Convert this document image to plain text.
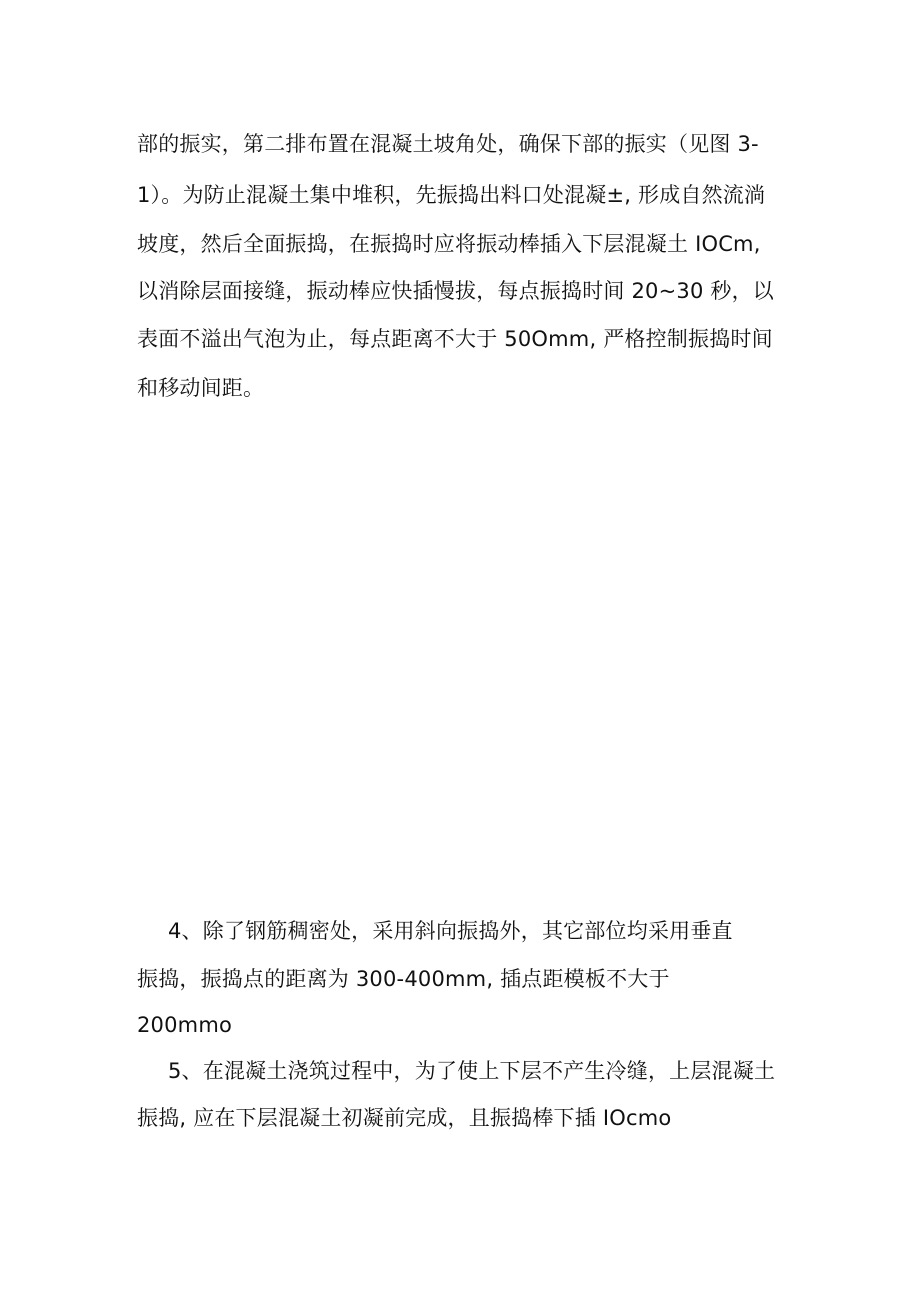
部的振实，第二排布置在混凝土坡角处，确保下部的振实（见图 3-
1）。为防止混凝土集中堆积，先振捣出料口处混凝±, 形成自然流淌
坡度，然后全面振捣，在振捣时应将振动棒插入下层混凝土 IOCm,
以消除层面接缝，振动棒应快插慢拔，每点振捣时间 20~30 秒，以
表面不溢出气泡为止，每点距离不大于 50Omm, 严格控制振捣时间
和移动间距。
4、除了钢筋稠密处，采用斜向振捣外，其它部位均采用垂直
振捣，振捣点的距离为 300-400mm, 插点距模板不大于
200mmo
5、在混凝土浇筑过程中，为了使上下层不产生冷缝，上层混凝土
振捣, 应在下层混凝土初凝前完成，且振捣棒下插 IOcmo
